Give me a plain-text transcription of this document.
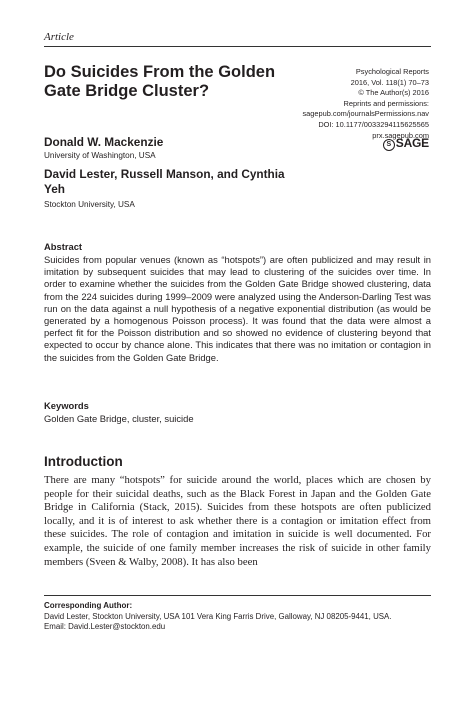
Article
Do Suicides From the Golden Gate Bridge Cluster?
Psychological Reports
2016, Vol. 118(1) 70–73
© The Author(s) 2016
Reprints and permissions:
sagepub.com/journalsPermissions.nav
DOI: 10.1177/0033294115625565
prx.sagepub.com
S SAGE
Donald W. Mackenzie
University of Washington, USA
David Lester, Russell Manson, and Cynthia Yeh
Stockton University, USA
Abstract
Suicides from popular venues (known as “hotspots”) are often publicized and may result in imitation by subsequent suicides that may lead to clustering of the suicides over time. In order to examine whether the suicides from the Golden Gate Bridge showed clustering, data from the 224 suicides during 1999–2009 were analyzed using the Anderson-Darling Test was run on the data against a null hypothesis of a negative exponential distribution (as would be generated by a homogenous Poisson process). It was found that the data were almost a perfect fit for the Poisson distribution and so showed no evidence of clustering beyond that expected to occur by chance alone. This indicates that there was no imitation or contagion in the suicides from the Golden Gate Bridge.
Keywords
Golden Gate Bridge, cluster, suicide
Introduction
There are many “hotspots” for suicide around the world, places which are chosen by people for their suicidal deaths, such as the Black Forest in Japan and the Golden Gate Bridge in California (Stack, 2015). Suicides from these hotspots are often publicized locally, and it is of interest to ask whether there is a contagion or imitation effect from these suicides. The role of contagion and imitation in suicide is well documented. For example, the suicide of one family member increases the risk of suicide in other family members (Sveen & Walby, 2008). It has also been
Corresponding Author:
David Lester, Stockton University, USA 101 Vera King Farris Drive, Galloway, NJ 08205-9441, USA.
Email: David.Lester@stockton.edu
